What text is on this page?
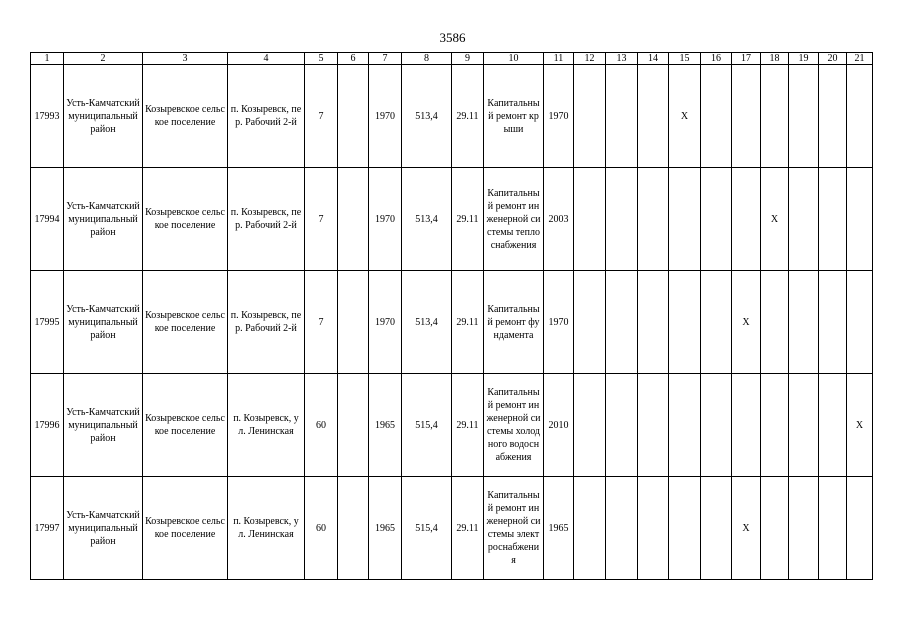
3586
1	2	3	4	5	6	7	8	9	10	11	12	13	14	15	16	17	18	19	20	21
17993	Усть-Камчатский муниципальный район	Козыревское сельское поселение	п. Козыревск, пер. Рабочий 2-й	7		1970	513,4	29.11	Капитальный ремонт крыши	1970				X						
17994	Усть-Камчатский муниципальный район	Козыревское сельское поселение	п. Козыревск, пер. Рабочий 2-й	7		1970	513,4	29.11	Капитальный ремонт инженерной системы теплоснабжения	2003							X			
17995	Усть-Камчатский муниципальный район	Козыревское сельское поселение	п. Козыревск, пер. Рабочий 2-й	7		1970	513,4	29.11	Капитальный ремонт фундамента	1970						X				
17996	Усть-Камчатский муниципальный район	Козыревское сельское поселение	п. Козыревск, ул. Ленинская	60		1965	515,4	29.11	Капитальный ремонт инженерной системы холодного водоснабжения	2010										X
17997	Усть-Камчатский муниципальный район	Козыревское сельское поселение	п. Козыревск, ул. Ленинская	60		1965	515,4	29.11	Капитальный ремонт инженерной системы электроснабжения	1965						X				
